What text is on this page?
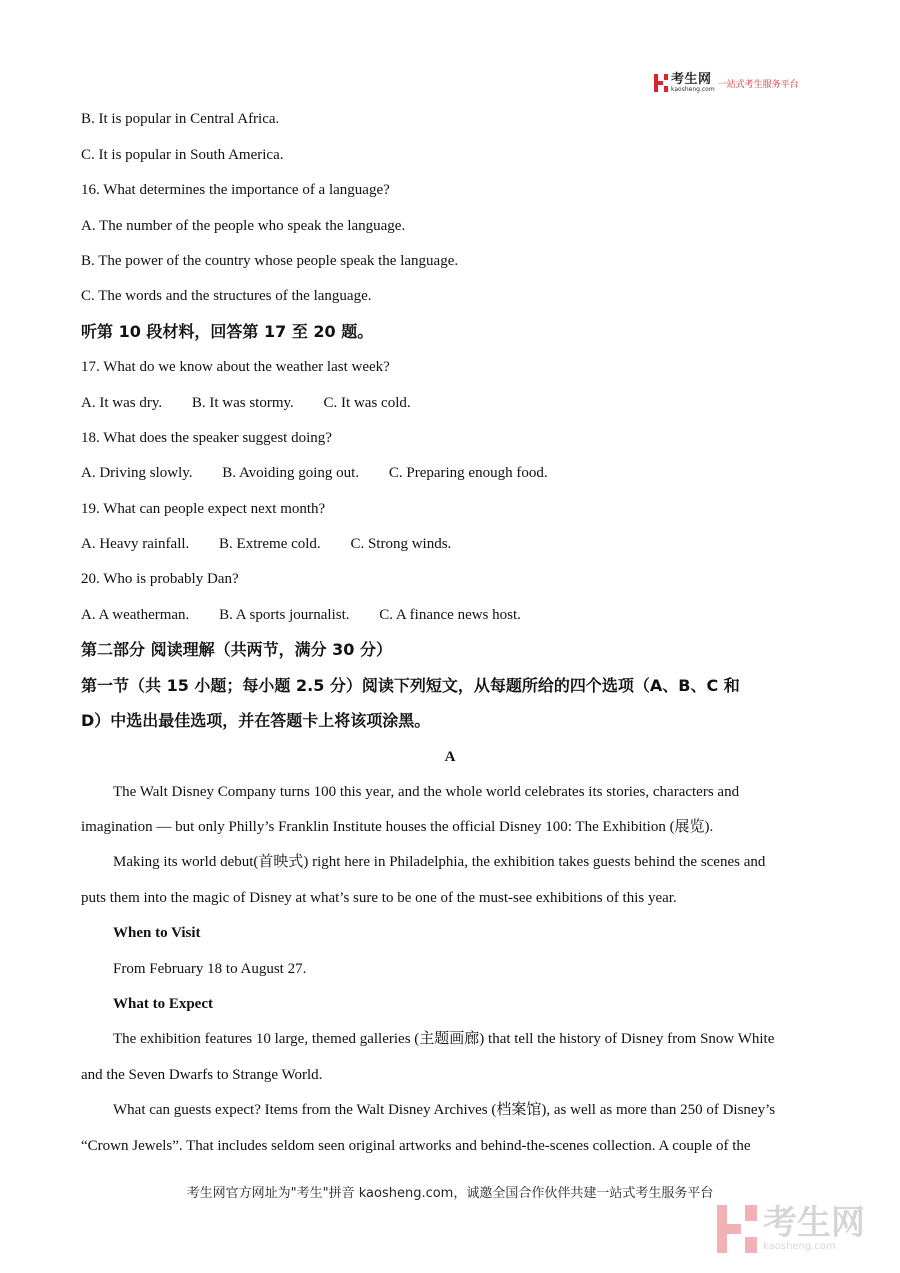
考生网
kaosheng.com 一站式考生服务平台
B. It is popular in Central Africa.
C. It is popular in South America.
16. What determines the importance of a language?
A. The number of the people who speak the language.
B. The power of the country whose people speak the language.
C. The words and the structures of the language.
听第 10 段材料，回答第 17 至 20 题。
17. What do we know about the weather last week?
A. It was dry. B. It was stormy. C. It was cold.
18. What does the speaker suggest doing?
A. Driving slowly. B. Avoiding going out. C. Preparing enough food.
19. What can people expect next month?
A. Heavy rainfall. B. Extreme cold. C. Strong winds.
20. Who is probably Dan?
A. A weatherman. B. A sports journalist. C. A finance news host.
第二部分 阅读理解（共两节，满分 30 分）
第一节（共 15 小题；每小题 2.5 分）阅读下列短文，从每题所给的四个选项（A、B、C 和
D）中选出最佳选项，并在答题卡上将该项涂黑。
A
The Walt Disney Company turns 100 this year, and the whole world celebrates its stories, characters and
imagination — but only Philly’s Franklin Institute houses the official Disney 100: The Exhibition (展览).
Making its world debut(首映式) right here in Philadelphia, the exhibition takes guests behind the scenes and
puts them into the magic of Disney at what’s sure to be one of the must-see exhibitions of this year.
When to Visit
From February 18 to August 27.
What to Expect
The exhibition features 10 large, themed galleries (主题画廊) that tell the history of Disney from Snow White
and the Seven Dwarfs to Strange World.
What can guests expect? Items from the Walt Disney Archives (档案馆), as well as more than 250 of Disney’s
“Crown Jewels”. That includes seldom seen original artworks and behind-the-scenes collection. A couple of the
考生网官方网址为"考生"拼音 kaosheng.com，诚邀全国合作伙伴共建一站式考生服务平台
考生网
kaosheng.com
